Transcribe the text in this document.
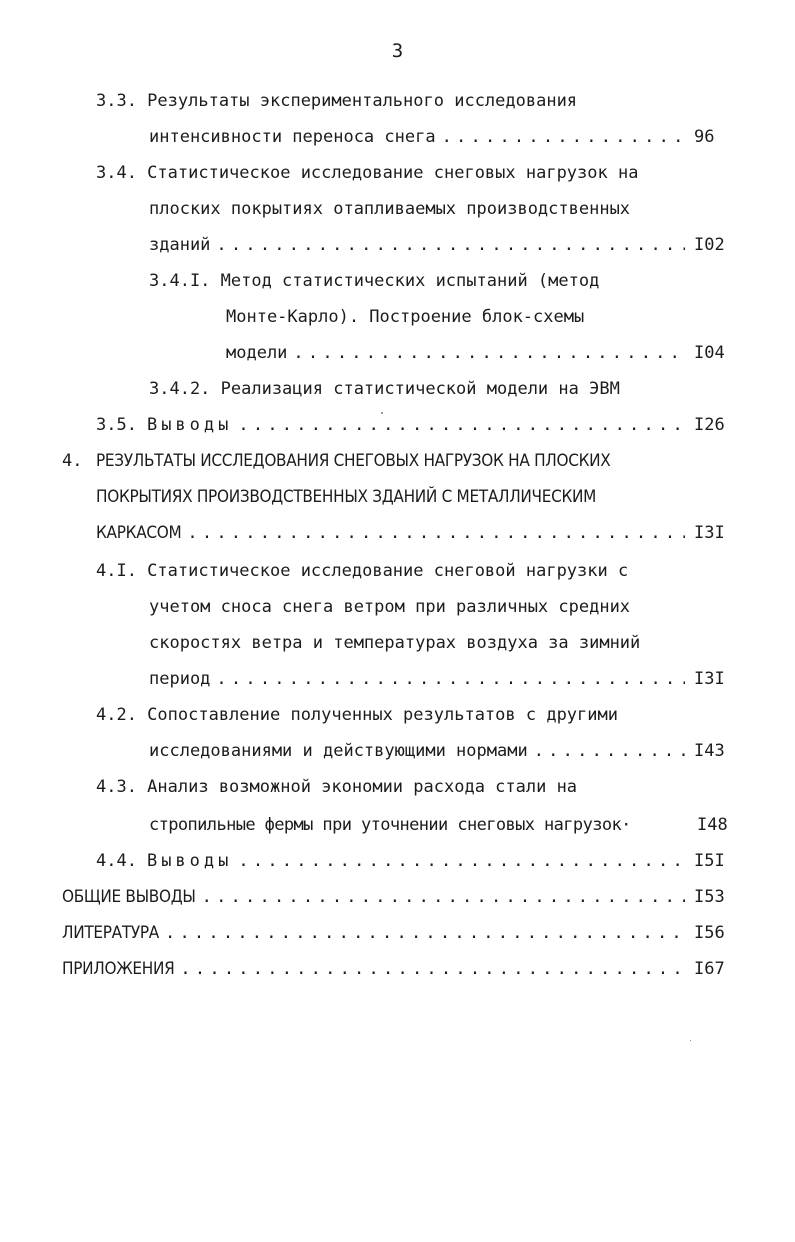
3
3.3. Результаты экспериментального исследования
интенсивности переноса снега . . .	96
3.4. Статистическое исследование снеговых нагрузок на
плоских покрытиях отапливаемых производственных
зданий . . .	I02
3.4.I. Метод статистических испытаний (метод
Монте-Карло). Построение блок-схемы
модели . . .	I04
3.4.2. Реализация статистической модели на ЭВМ
3.5. Выводы . . .	I26
4. РЕЗУЛЬТАТЫ ИССЛЕДОВАНИЯ СНЕГОВЫХ НАГРУЗОК НА ПЛОСКИХ
ПОКРЫТИЯХ ПРОИЗВОДСТВЕННЫХ ЗДАНИЙ С МЕТАЛЛИЧЕСКИМ
КАРКАСОМ . . .	I3I
4.I. Статистическое исследование снеговой нагрузки с
учетом сноса снега ветром при различных средних
скоростях ветра и температурах воздуха за зимний
период . . .	I3I
4.2. Сопоставление полученных результатов с другими
исследованиями и действующими нормами . . .	I43
4.3. Анализ возможной экономии расхода стали на
стропильные фермы при уточнении снеговых нагрузок·	I48
4.4. Выводы . . .	I5I
ОБЩИЕ ВЫВОДЫ . . .	I53
ЛИТЕРАТУРА . . .	I56
ПРИЛОЖЕНИЯ . . .	I67
